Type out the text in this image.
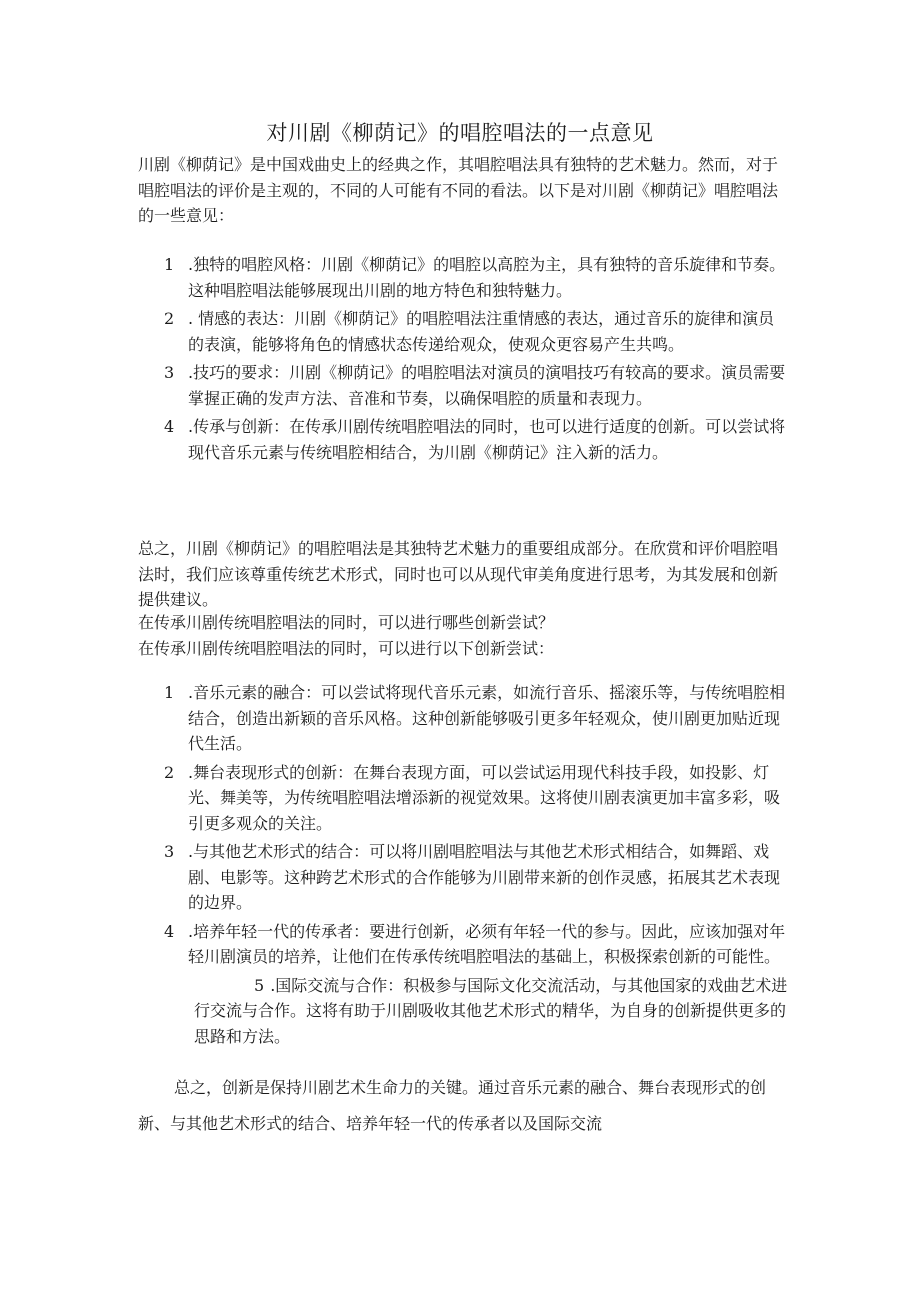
对川剧《柳荫记》的唱腔唱法的一点意见

川剧《柳荫记》是中国戏曲史上的经典之作，其唱腔唱法具有独特的艺术魅力。然而，对于唱腔唱法的评价是主观的，不同的人可能有不同的看法。以下是对川剧《柳荫记》唱腔唱法的一些意见：

1 .独特的唱腔风格：川剧《柳荫记》的唱腔以高腔为主，具有独特的音乐旋律和节奏。这种唱腔唱法能够展现出川剧的地方特色和独特魅力。
2 . 情感的表达：川剧《柳荫记》的唱腔唱法注重情感的表达，通过音乐的旋律和演员的表演，能够将角色的情感状态传递给观众，使观众更容易产生共鸣。
3 .技巧的要求：川剧《柳荫记》的唱腔唱法对演员的演唱技巧有较高的要求。演员需要掌握正确的发声方法、音准和节奏，以确保唱腔的质量和表现力。
4 .传承与创新：在传承川剧传统唱腔唱法的同时，也可以进行适度的创新。可以尝试将现代音乐元素与传统唱腔相结合，为川剧《柳荫记》注入新的活力。

总之，川剧《柳荫记》的唱腔唱法是其独特艺术魅力的重要组成部分。在欣赏和评价唱腔唱法时，我们应该尊重传统艺术形式，同时也可以从现代审美角度进行思考，为其发展和创新提供建议。

在传承川剧传统唱腔唱法的同时，可以进行哪些创新尝试？

在传承川剧传统唱腔唱法的同时，可以进行以下创新尝试：

1 .音乐元素的融合：可以尝试将现代音乐元素，如流行音乐、摇滚乐等，与传统唱腔相结合，创造出新颖的音乐风格。这种创新能够吸引更多年轻观众，使川剧更加贴近现代生活。
2 .舞台表现形式的创新：在舞台表现方面，可以尝试运用现代科技手段，如投影、灯光、舞美等，为传统唱腔唱法增添新的视觉效果。这将使川剧表演更加丰富多彩，吸引更多观众的关注。
3 .与其他艺术形式的结合：可以将川剧唱腔唱法与其他艺术形式相结合，如舞蹈、戏剧、电影等。这种跨艺术形式的合作能够为川剧带来新的创作灵感，拓展其艺术表现的边界。
4 .培养年轻一代的传承者：要进行创新，必须有年轻一代的参与。因此，应该加强对年轻川剧演员的培养，让他们在传承传统唱腔唱法的基础上，积极探索创新的可能性。
5 .国际交流与合作：积极参与国际文化交流活动，与其他国家的戏曲艺术进行交流与合作。这将有助于川剧吸收其他艺术形式的精华，为自身的创新提供更多的思路和方法。

总之，创新是保持川剧艺术生命力的关键。通过音乐元素的融合、舞台表现形式的创新、与其他艺术形式的结合、培养年轻一代的传承者以及国际交流
